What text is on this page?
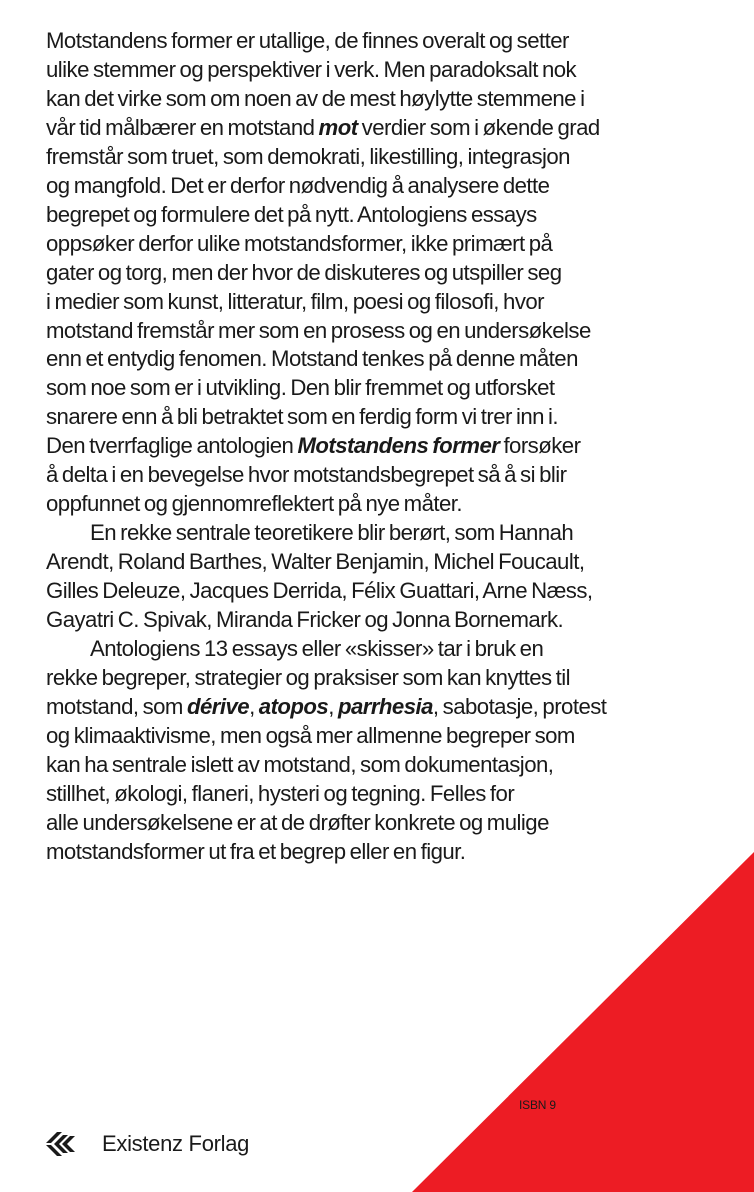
Motstandens former er utallige, de finnes overalt og setter
ulike stemmer og perspektiver i verk. Men paradoksalt nok
kan det virke som om noen av de mest høylytte stemmene i
vår tid målbærer en motstand mot verdier som i økende grad
fremstår som truet, som demokrati, likestilling, integrasjon
og mangfold. Det er derfor nødvendig å analysere dette
begrepet og formulere det på nytt. Antologiens essays
oppsøker derfor ulike motstandsformer, ikke primært på
gater og torg, men der hvor de diskuteres og utspiller seg
i medier som kunst, litteratur, film, poesi og filosofi, hvor
motstand fremstår mer som en prosess og en undersøkelse
enn et entydig fenomen. Motstand tenkes på denne måten
som noe som er i utvikling. Den blir fremmet og utforsket
snarere enn å bli betraktet som en ferdig form vi trer inn i.
Den tverrfaglige antologien Motstandens former forsøker
å delta i en bevegelse hvor motstandsbegrepet så å si blir
oppfunnet og gjennomreflektert på nye måter.
En rekke sentrale teoretikere blir berørt, som Hannah
Arendt, Roland Barthes, Walter Benjamin, Michel Foucault,
Gilles Deleuze, Jacques Derrida, Félix Guattari, Arne Næss,
Gayatri C. Spivak, Miranda Fricker og Jonna Bornemark.
Antologiens 13 essays eller «skisser» tar i bruk en
rekke begreper, strategier og praksiser som kan knyttes til
motstand, som dérive, atopos, parrhesia, sabotasje, protest
og klimaaktivisme, men også mer allmenne begreper som
kan ha sentrale islett av motstand, som dokumentasjon,
stillhet, økologi, flaneri, hysteri og tegning. Felles for
alle undersøkelsene er at de drøfter konkrete og mulige
motstandsformer ut fra et begrep eller en figur.
ISBN 9
Existenz Forlag
